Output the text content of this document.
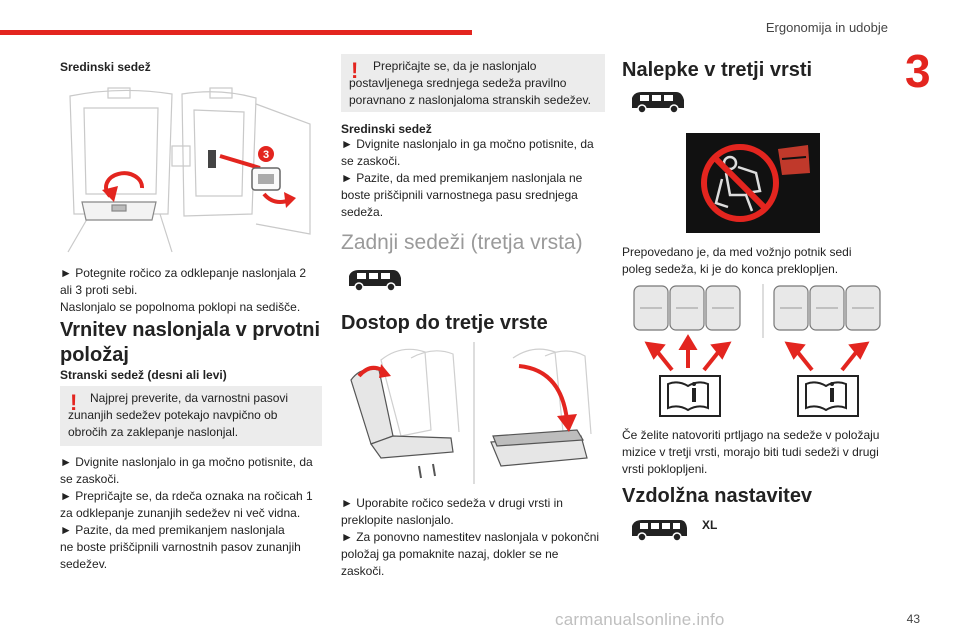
Ergonomija in udobje
3
Sredinski sedež
3

► Potegnite ročico za odklepanje naslonjala 2

ali 3 proti sebi.

Naslonjalo se popolnoma poklopi na sedišče.

Vrnitev naslonjala v prvotni
položaj
Stranski sedež (desni ali levi)
!	Najprej preverite, da varnostni pasovi zunanjih sedežev potekajo navpično ob obročih za zaklepanje naslonjal.

► Dvignite naslonjalo in ga močno potisnite, da

se zaskoči.

► Prepričajte se, da rdeča oznaka na ročicah 1

za odklepanje zunanjih sedežev ni več vidna.

► Pazite, da med premikanjem naslonjala

ne boste priščipnili varnostnih pasov zunanjih

sedežev.

!	Prepričajte se, da je naslonjalo postavljenega srednjega sedeža pravilno poravnano z naslonjaloma stranskih sedežev.
Sredinski sedež

► Dvignite naslonjalo in ga močno potisnite, da

se zaskoči.

► Pazite, da med premikanjem naslonjala ne

boste priščipnili varnostnega pasu srednjega

sedeža.

Zadnji sedeži (tretja vrsta)
Dostop do tretje vrste

► Uporabite ročico sedeža v drugi vrsti in

preklopite naslonjalo.

► Za ponovno namestitev naslonjala v pokončni

položaj ga pomaknite nazaj, dokler se ne

zaskoči.

Nalepke v tretji vrsti

Prepovedano je, da med vožnjo potnik sedi

poleg sedeža, ki je do konca preklopljen.

Če želite natovoriti prtljago na sedeže v položaju

mizice v tretji vrsti, morajo biti tudi sedeži v drugi

vrsti poklopljeni.

Vzdolžna nastavitev
XL
carmanualsonline.info	43
